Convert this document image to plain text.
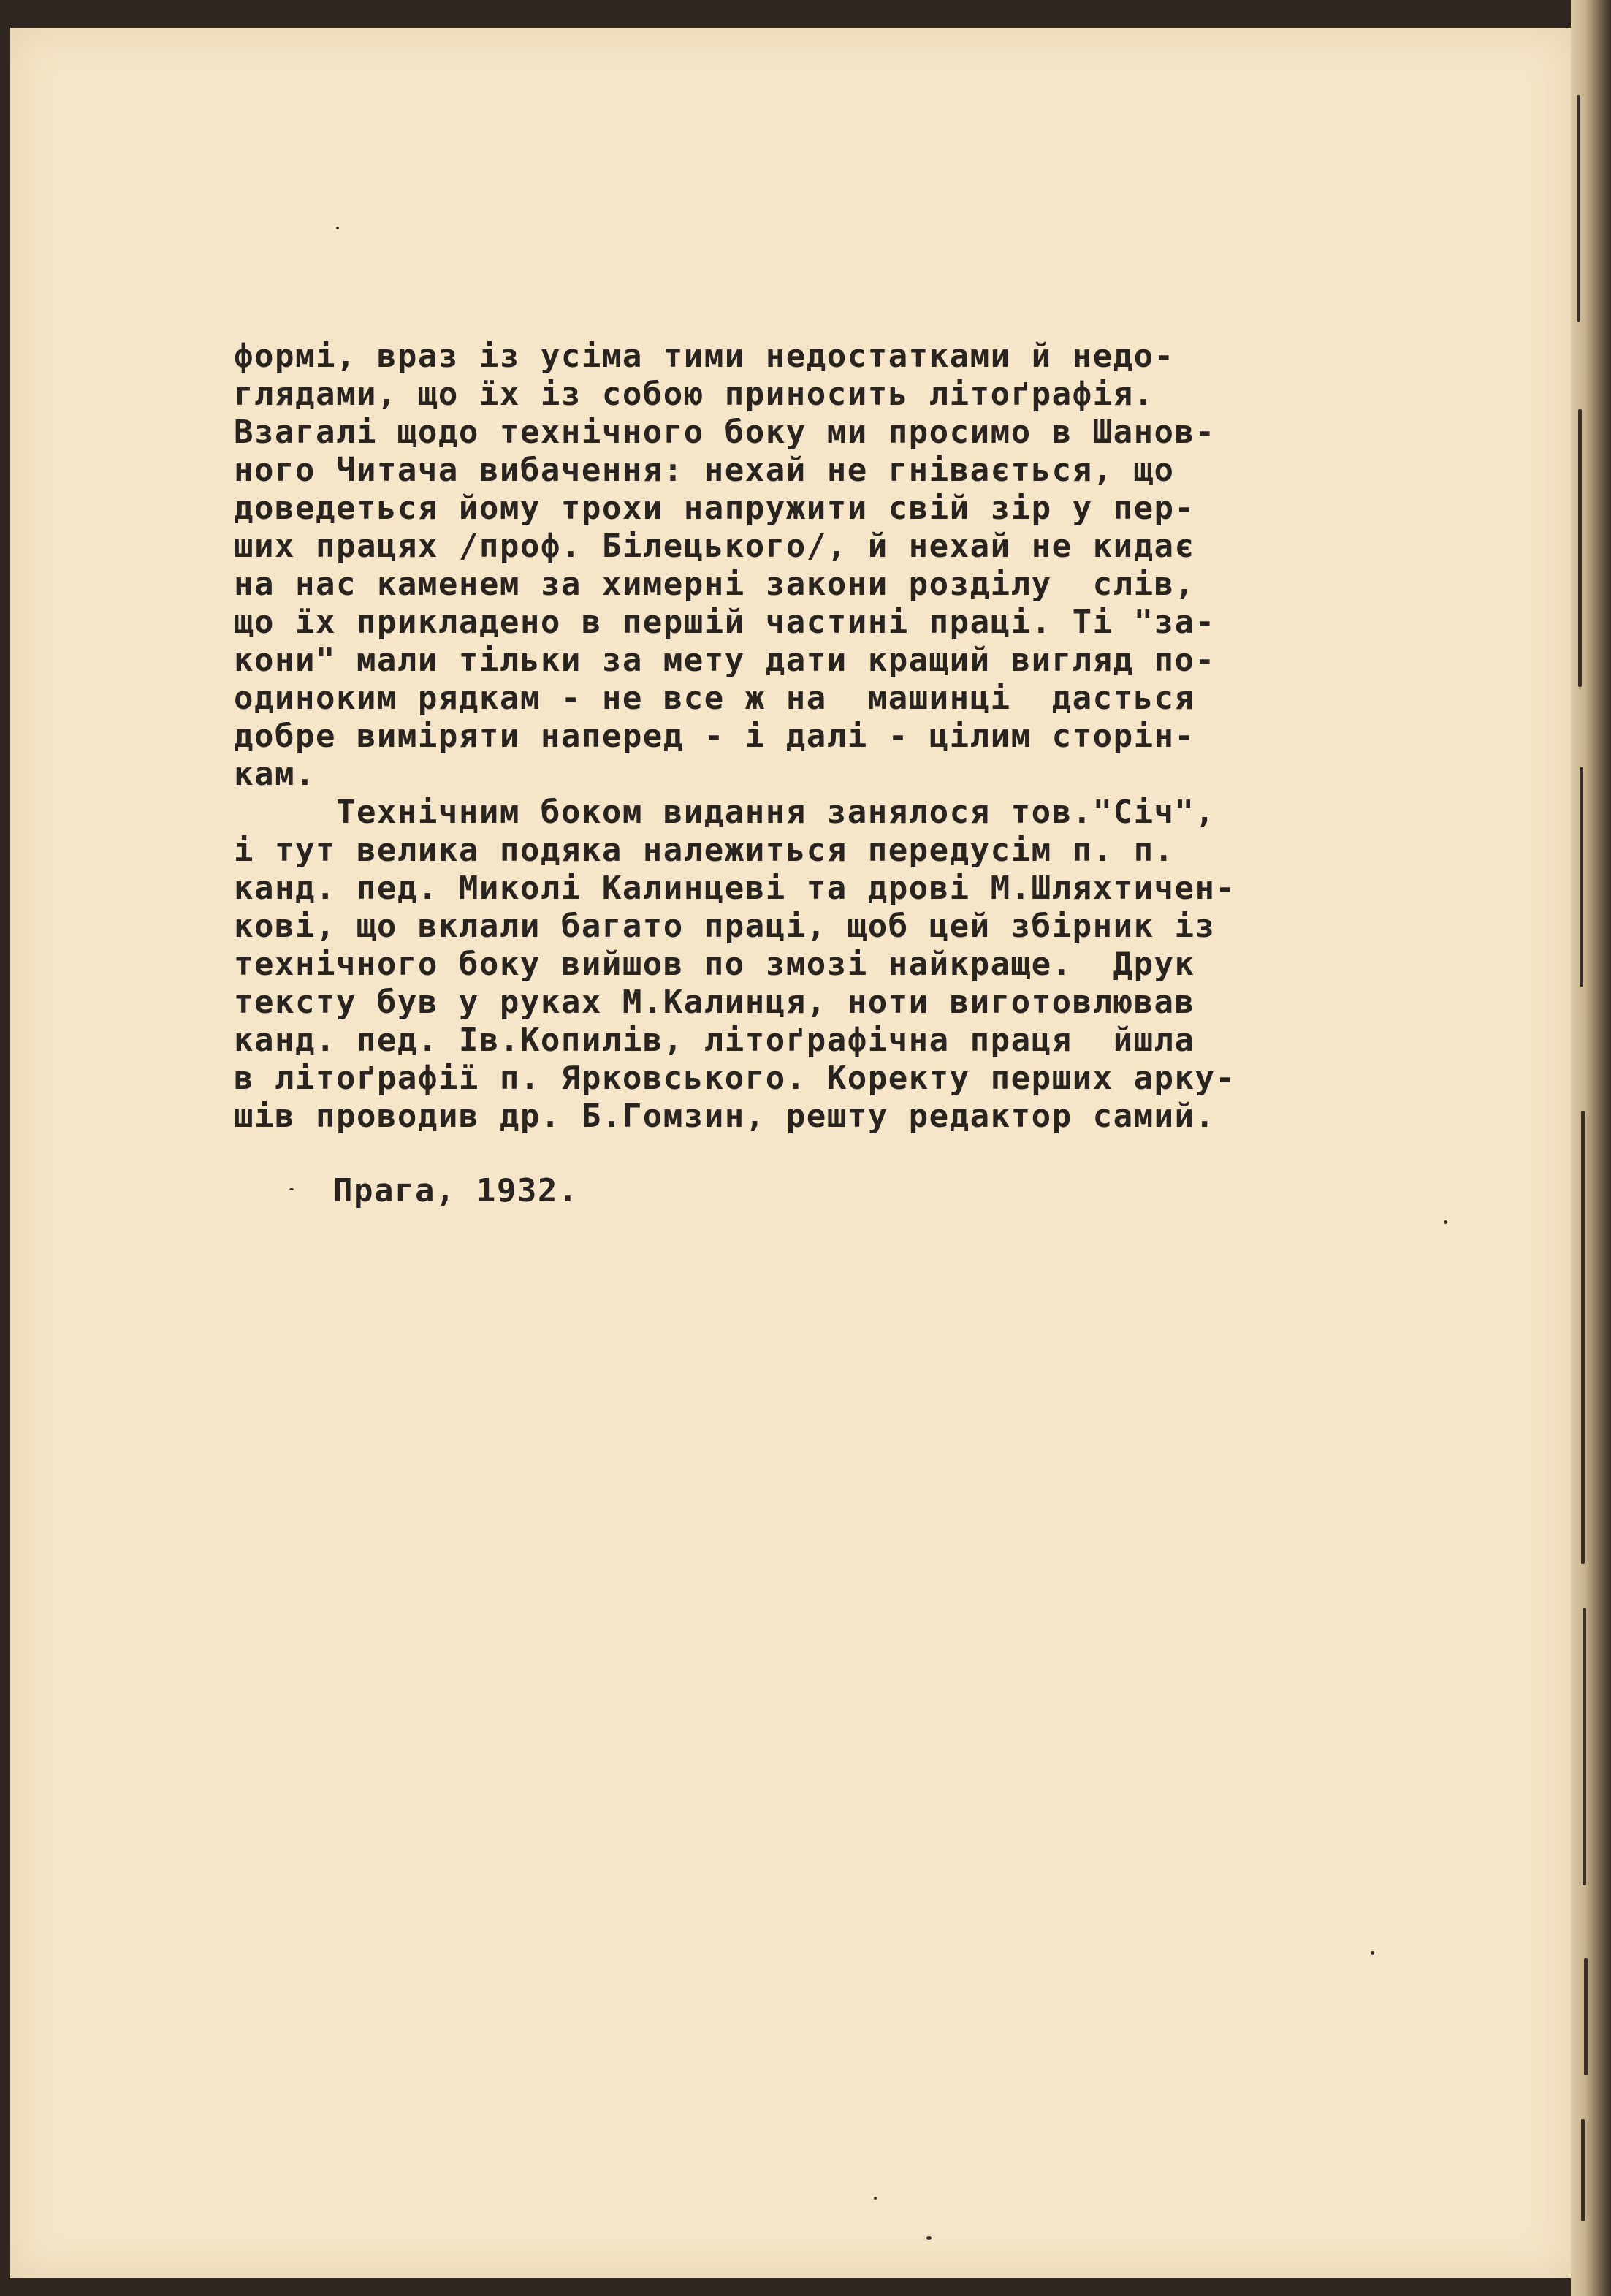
формі, враз із усіма тими недостатками й недо-
глядами, що їх із собою приносить літоґрафія.
Взагалі щодо технічного боку ми просимо в Шанов-
ного Читача вибачення: нехай не гнівається, що
доведеться йому трохи напружити свій зір у пер-
ших працях /проф. Білецького/, й нехай не кидає
на нас каменем за химерні закони розділу  слів,
що їх прикладено в першій частині праці. Ті "за-
кони" мали тільки за мету дати кращий вигляд по-
одиноким рядкам - не все ж на  машинці  дасться
добре виміряти наперед - і далі - цілим сторін-
кам.
Технічним боком видання занялося тов."Січ",
і тут велика подяка належиться передусім п. п.
канд. пед. Миколі Калинцеві та дрові М.Шляхтичен-
кові, що вклали багато праці, щоб цей збірник із
технічного боку вийшов по змозі найкраще.  Друк
тексту був у руках М.Калинця, ноти виготовлював
канд. пед. Ів.Копилів, літоґрафічна праця  йшла
в літоґрафії п. Ярковського. Коректу перших арку-
шів проводив др. Б.Гомзин, решту редактор самий.
Прага, 1932.
